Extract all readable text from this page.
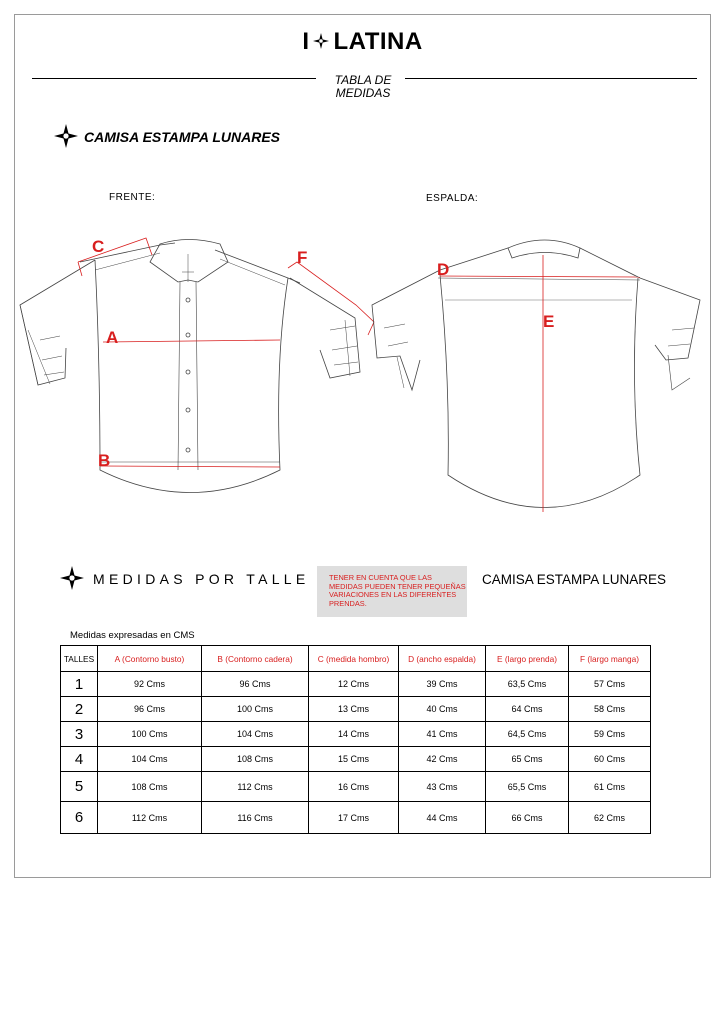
I LATINA
TABLA DE
MEDIDAS
CAMISA ESTAMPA LUNARES
FRENTE:	ESPALDA:
C
F
A
B
D
E
MEDIDAS POR TALLE	TENER EN CUENTA QUE LAS MEDIDAS PUEDEN TENER PEQUEÑAS VARIACIONES EN LAS DIFERENTES PRENDAS.
CAMISA ESTAMPA LUNARES
Medidas expresadas en CMS
TALLES	A (Contorno busto)	B (Contorno cadera)	C (medida hombro)	D (ancho espalda)	E (largo prenda)	F (largo manga)
1	92 Cms	96 Cms	12 Cms	39 Cms	63,5 Cms	57 Cms
2	96 Cms	100 Cms	13 Cms	40 Cms	64 Cms	58 Cms
3	100 Cms	104 Cms	14 Cms	41 Cms	64,5 Cms	59 Cms
4	104 Cms	108 Cms	15 Cms	42 Cms	65 Cms	60 Cms
5	108 Cms	112 Cms	16 Cms	43 Cms	65,5 Cms	61 Cms
6	112 Cms	116 Cms	17 Cms	44 Cms	66 Cms	62 Cms
